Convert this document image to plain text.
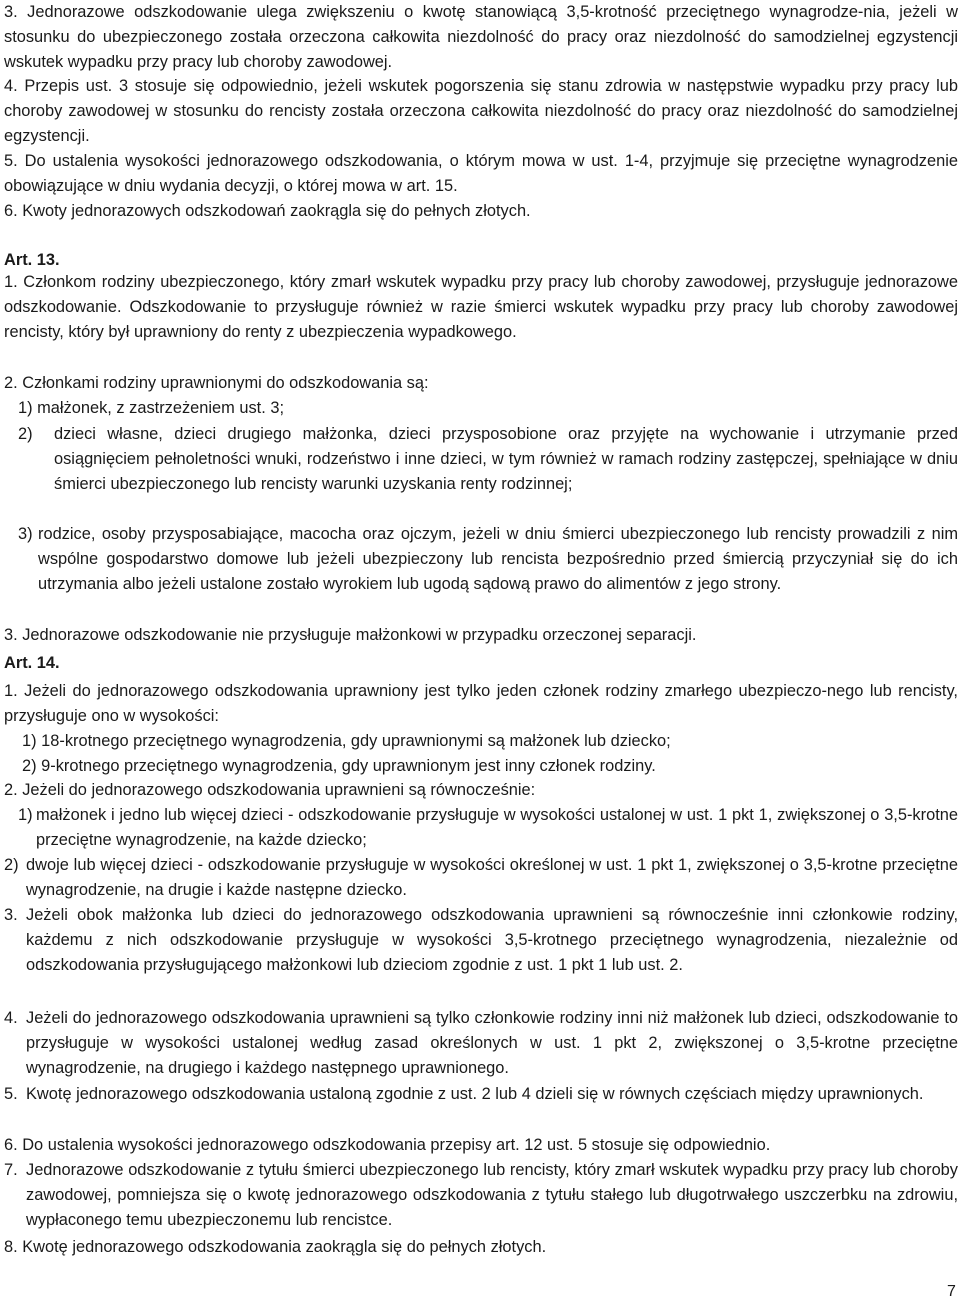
3. Jednorazowe odszkodowanie ulega zwiększeniu o kwotę stanowiącą 3,5-krotność przeciętnego wynagrodze-nia, jeżeli w stosunku do ubezpieczonego została orzeczona całkowita niezdolność do pracy oraz niezdolność do samodzielnej egzystencji wskutek wypadku przy pracy lub choroby zawodowej.
4. Przepis ust. 3 stosuje się odpowiednio, jeżeli wskutek pogorszenia się stanu zdrowia w następstwie wypadku przy pracy lub choroby zawodowej w stosunku do rencisty została orzeczona całkowita niezdolność do pracy oraz niezdolność do samodzielnej egzystencji.
5. Do ustalenia wysokości jednorazowego odszkodowania, o którym mowa w ust. 1-4, przyjmuje się przeciętne wynagrodzenie obowiązujące w dniu wydania decyzji, o której mowa w art. 15.
6. Kwoty jednorazowych odszkodowań zaokrągla się do pełnych złotych.
Art. 13.
1. Członkom rodziny ubezpieczonego, który zmarł wskutek wypadku przy pracy lub choroby zawodowej, przysługuje jednorazowe odszkodowanie. Odszkodowanie to przysługuje również w razie śmierci wskutek wypadku przy pracy lub choroby zawodowej rencisty, który był uprawniony do renty z ubezpieczenia wypadkowego.
2. Członkami rodziny uprawnionymi do odszkodowania są:
1) małżonek, z zastrzeżeniem ust. 3;
2) dzieci własne, dzieci drugiego małżonka, dzieci przysposobione oraz przyjęte na wychowanie i utrzymanie przed osiągnięciem pełnoletności wnuki, rodzeństwo i inne dzieci, w tym również w ramach rodziny zastępczej, spełniające w dniu śmierci ubezpieczonego lub rencisty warunki uzyskania renty rodzinnej;
3) rodzice, osoby przysposabiające, macocha oraz ojczym, jeżeli w dniu śmierci ubezpieczonego lub rencisty prowadzili z nim wspólne gospodarstwo domowe lub jeżeli ubezpieczony lub rencista bezpośrednio przed śmiercią przyczyniał się do ich utrzymania albo jeżeli ustalone zostało wyrokiem lub ugodą sądową prawo do alimentów z jego strony.
3. Jednorazowe odszkodowanie nie przysługuje małżonkowi w przypadku orzeczonej separacji.
Art. 14.
1. Jeżeli do jednorazowego odszkodowania uprawniony jest tylko jeden członek rodziny zmarłego ubezpieczo-nego lub rencisty, przysługuje ono w wysokości:
1) 18-krotnego przeciętnego wynagrodzenia, gdy uprawnionymi są małżonek lub dziecko;
2) 9-krotnego przeciętnego wynagrodzenia, gdy uprawnionym jest inny członek rodziny.
2. Jeżeli do jednorazowego odszkodowania uprawnieni są równocześnie:
1) małżonek i jedno lub więcej dzieci - odszkodowanie przysługuje w wysokości ustalonej w ust. 1 pkt 1, zwiększonej o 3,5-krotne przeciętne wynagrodzenie, na każde dziecko;
2) dwoje lub więcej dzieci - odszkodowanie przysługuje w wysokości określonej w ust. 1 pkt 1, zwiększonej o 3,5-krotne przeciętne wynagrodzenie, na drugie i każde następne dziecko.
3. Jeżeli obok małżonka lub dzieci do jednorazowego odszkodowania uprawnieni są równocześnie inni członkowie rodziny, każdemu z nich odszkodowanie przysługuje w wysokości 3,5-krotnego przeciętnego wynagrodzenia, niezależnie od odszkodowania przysługującego małżonkowi lub dzieciom zgodnie z ust. 1 pkt 1 lub ust. 2.
4. Jeżeli do jednorazowego odszkodowania uprawnieni są tylko członkowie rodziny inni niż małżonek lub dzieci, odszkodowanie to przysługuje w wysokości ustalonej według zasad określonych w ust. 1 pkt 2, zwiększonej o 3,5-krotne przeciętne wynagrodzenie, na drugiego i każdego następnego uprawnionego.
5. Kwotę jednorazowego odszkodowania ustaloną zgodnie z ust. 2 lub 4 dzieli się w równych częściach między uprawnionych.
6. Do ustalenia wysokości jednorazowego odszkodowania przepisy art. 12 ust. 5 stosuje się odpowiednio.
7. Jednorazowe odszkodowanie z tytułu śmierci ubezpieczonego lub rencisty, który zmarł wskutek wypadku przy pracy lub choroby zawodowej, pomniejsza się o kwotę jednorazowego odszkodowania z tytułu stałego lub długotrwałego uszczerbku na zdrowiu, wypłaconego temu ubezpieczonemu lub rencistce.
8. Kwotę jednorazowego odszkodowania zaokrągla się do pełnych złotych.
7
